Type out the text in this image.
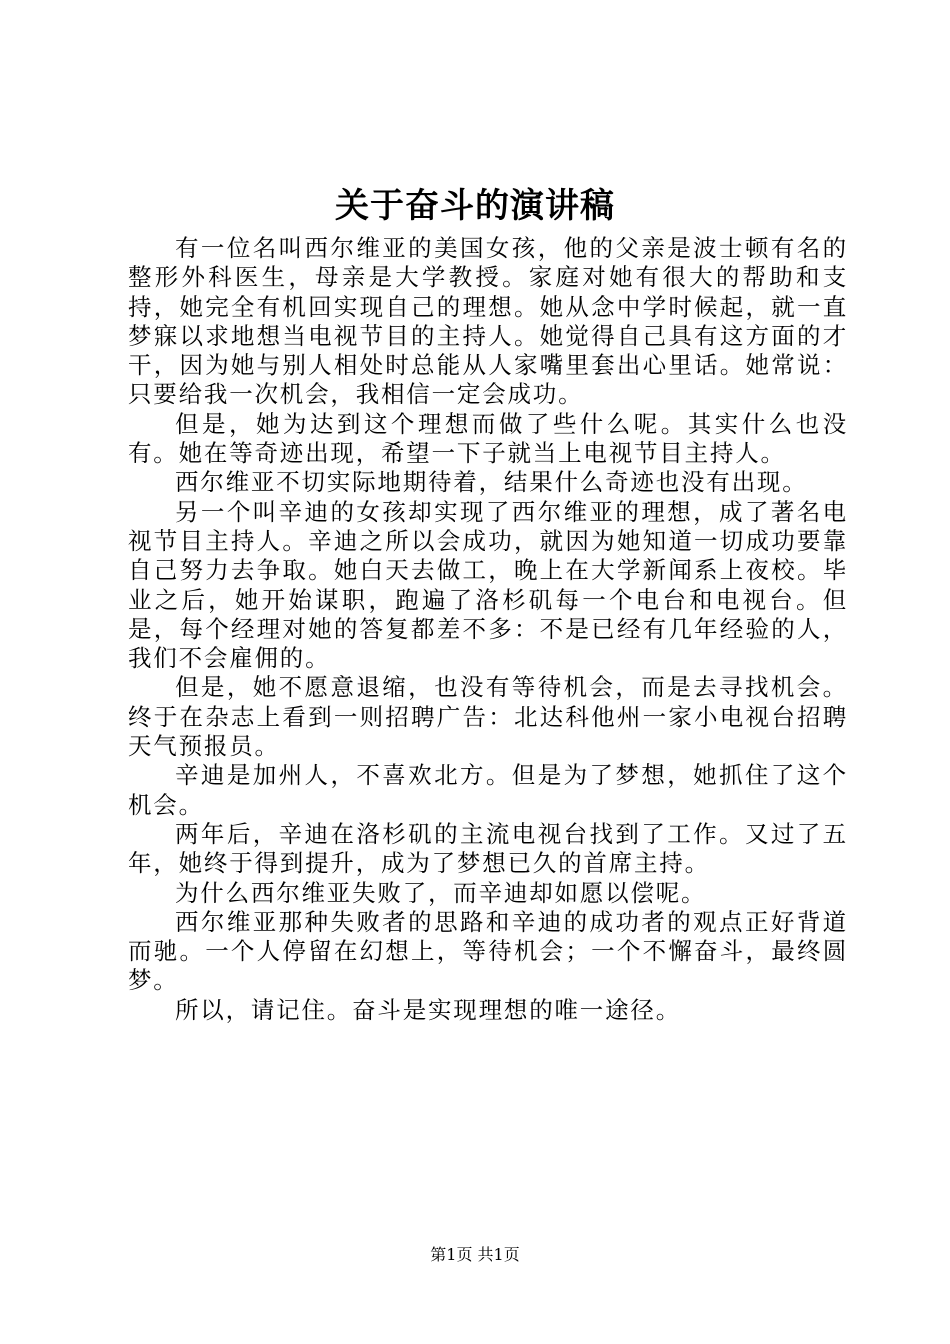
关于奋斗的演讲稿

有一位名叫西尔维亚的美国女孩，他的父亲是波士顿有名的整形外科医生，母亲是大学教授。家庭对她有很大的帮助和支持，她完全有机回实现自己的理想。她从念中学时候起，就一直梦寐以求地想当电视节目的主持人。她觉得自己具有这方面的才干，因为她与别人相处时总能从人家嘴里套出心里话。她常说：只要给我一次机会，我相信一定会成功。

但是，她为达到这个理想而做了些什么呢。其实什么也没有。她在等奇迹出现，希望一下子就当上电视节目主持人。

西尔维亚不切实际地期待着，结果什么奇迹也没有出现。

另一个叫辛迪的女孩却实现了西尔维亚的理想，成了著名电视节目主持人。辛迪之所以会成功，就因为她知道一切成功要靠自己努力去争取。她白天去做工，晚上在大学新闻系上夜校。毕业之后，她开始谋职，跑遍了洛杉矶每一个电台和电视台。但是，每个经理对她的答复都差不多：不是已经有几年经验的人，我们不会雇佣的。

但是，她不愿意退缩，也没有等待机会，而是去寻找机会。终于在杂志上看到一则招聘广告：北达科他州一家小电视台招聘天气预报员。

辛迪是加州人，不喜欢北方。但是为了梦想，她抓住了这个机会。

两年后，辛迪在洛杉矶的主流电视台找到了工作。又过了五年，她终于得到提升，成为了梦想已久的首席主持。

为什么西尔维亚失败了，而辛迪却如愿以偿呢。

西尔维亚那种失败者的思路和辛迪的成功者的观点正好背道而驰。一个人停留在幻想上，等待机会；一个不懈奋斗，最终圆梦。

所以，请记住。奋斗是实现理想的唯一途径。

第1页 共1页
